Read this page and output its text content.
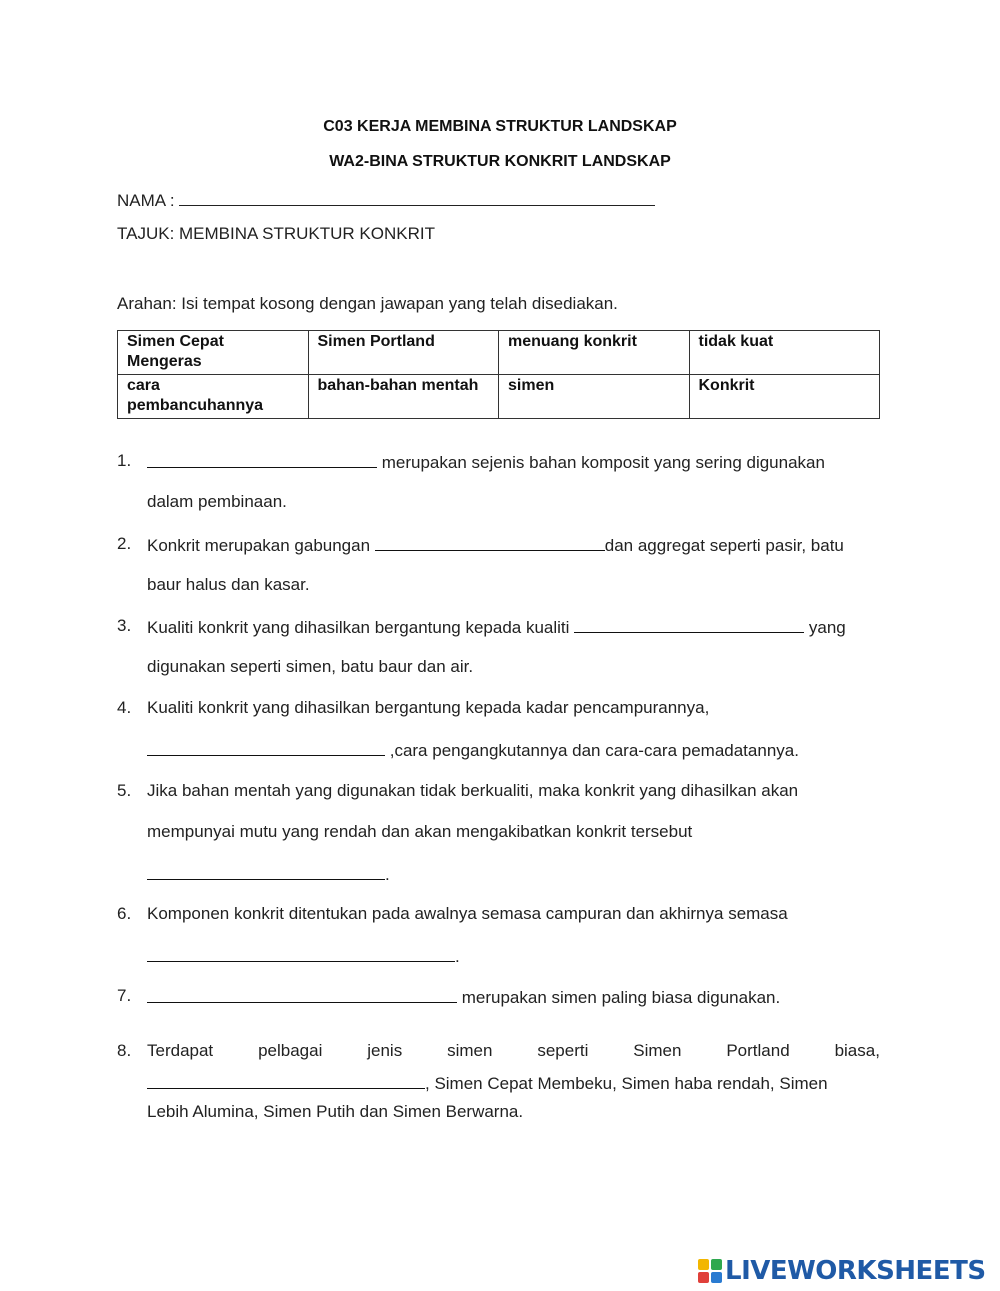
C03 KERJA MEMBINA STRUKTUR LANDSKAP
WA2-BINA STRUKTUR KONKRIT LANDSKAP
NAMA :
TAJUK: MEMBINA STRUKTUR KONKRIT
Arahan: Isi tempat kosong dengan jawapan yang telah disediakan.
Simen Cepat Mengeras	Simen Portland	menuang konkrit	tidak kuat
cara pembancuhannya	bahan-bahan mentah	simen	Konkrit
1.	merupakan sejenis bahan komposit yang sering digunakan
dalam pembinaan.
2. Konkrit merupakan gabungan	dan aggregat seperti pasir, batu
baur halus dan kasar.
3. Kualiti konkrit yang dihasilkan bergantung kepada kualiti	yang
digunakan seperti simen, batu baur dan air.
4. Kualiti konkrit yang dihasilkan bergantung kepada kadar pencampurannya,
,cara pengangkutannya dan cara-cara pemadatannya.
5. Jika bahan mentah yang digunakan tidak berkualiti, maka konkrit yang dihasilkan akan
mempunyai mutu yang rendah dan akan mengakibatkan konkrit tersebut
.
6. Komponen konkrit ditentukan pada awalnya semasa campuran dan akhirnya semasa
.
7.	merupakan simen paling biasa digunakan.
8. Terdapat	pelbagai	jenis	simen	seperti	Simen	Portland	biasa,
, Simen Cepat Membeku, Simen haba rendah, Simen
Lebih Alumina, Simen Putih dan Simen Berwarna.
LIVEWORKSHEETS
